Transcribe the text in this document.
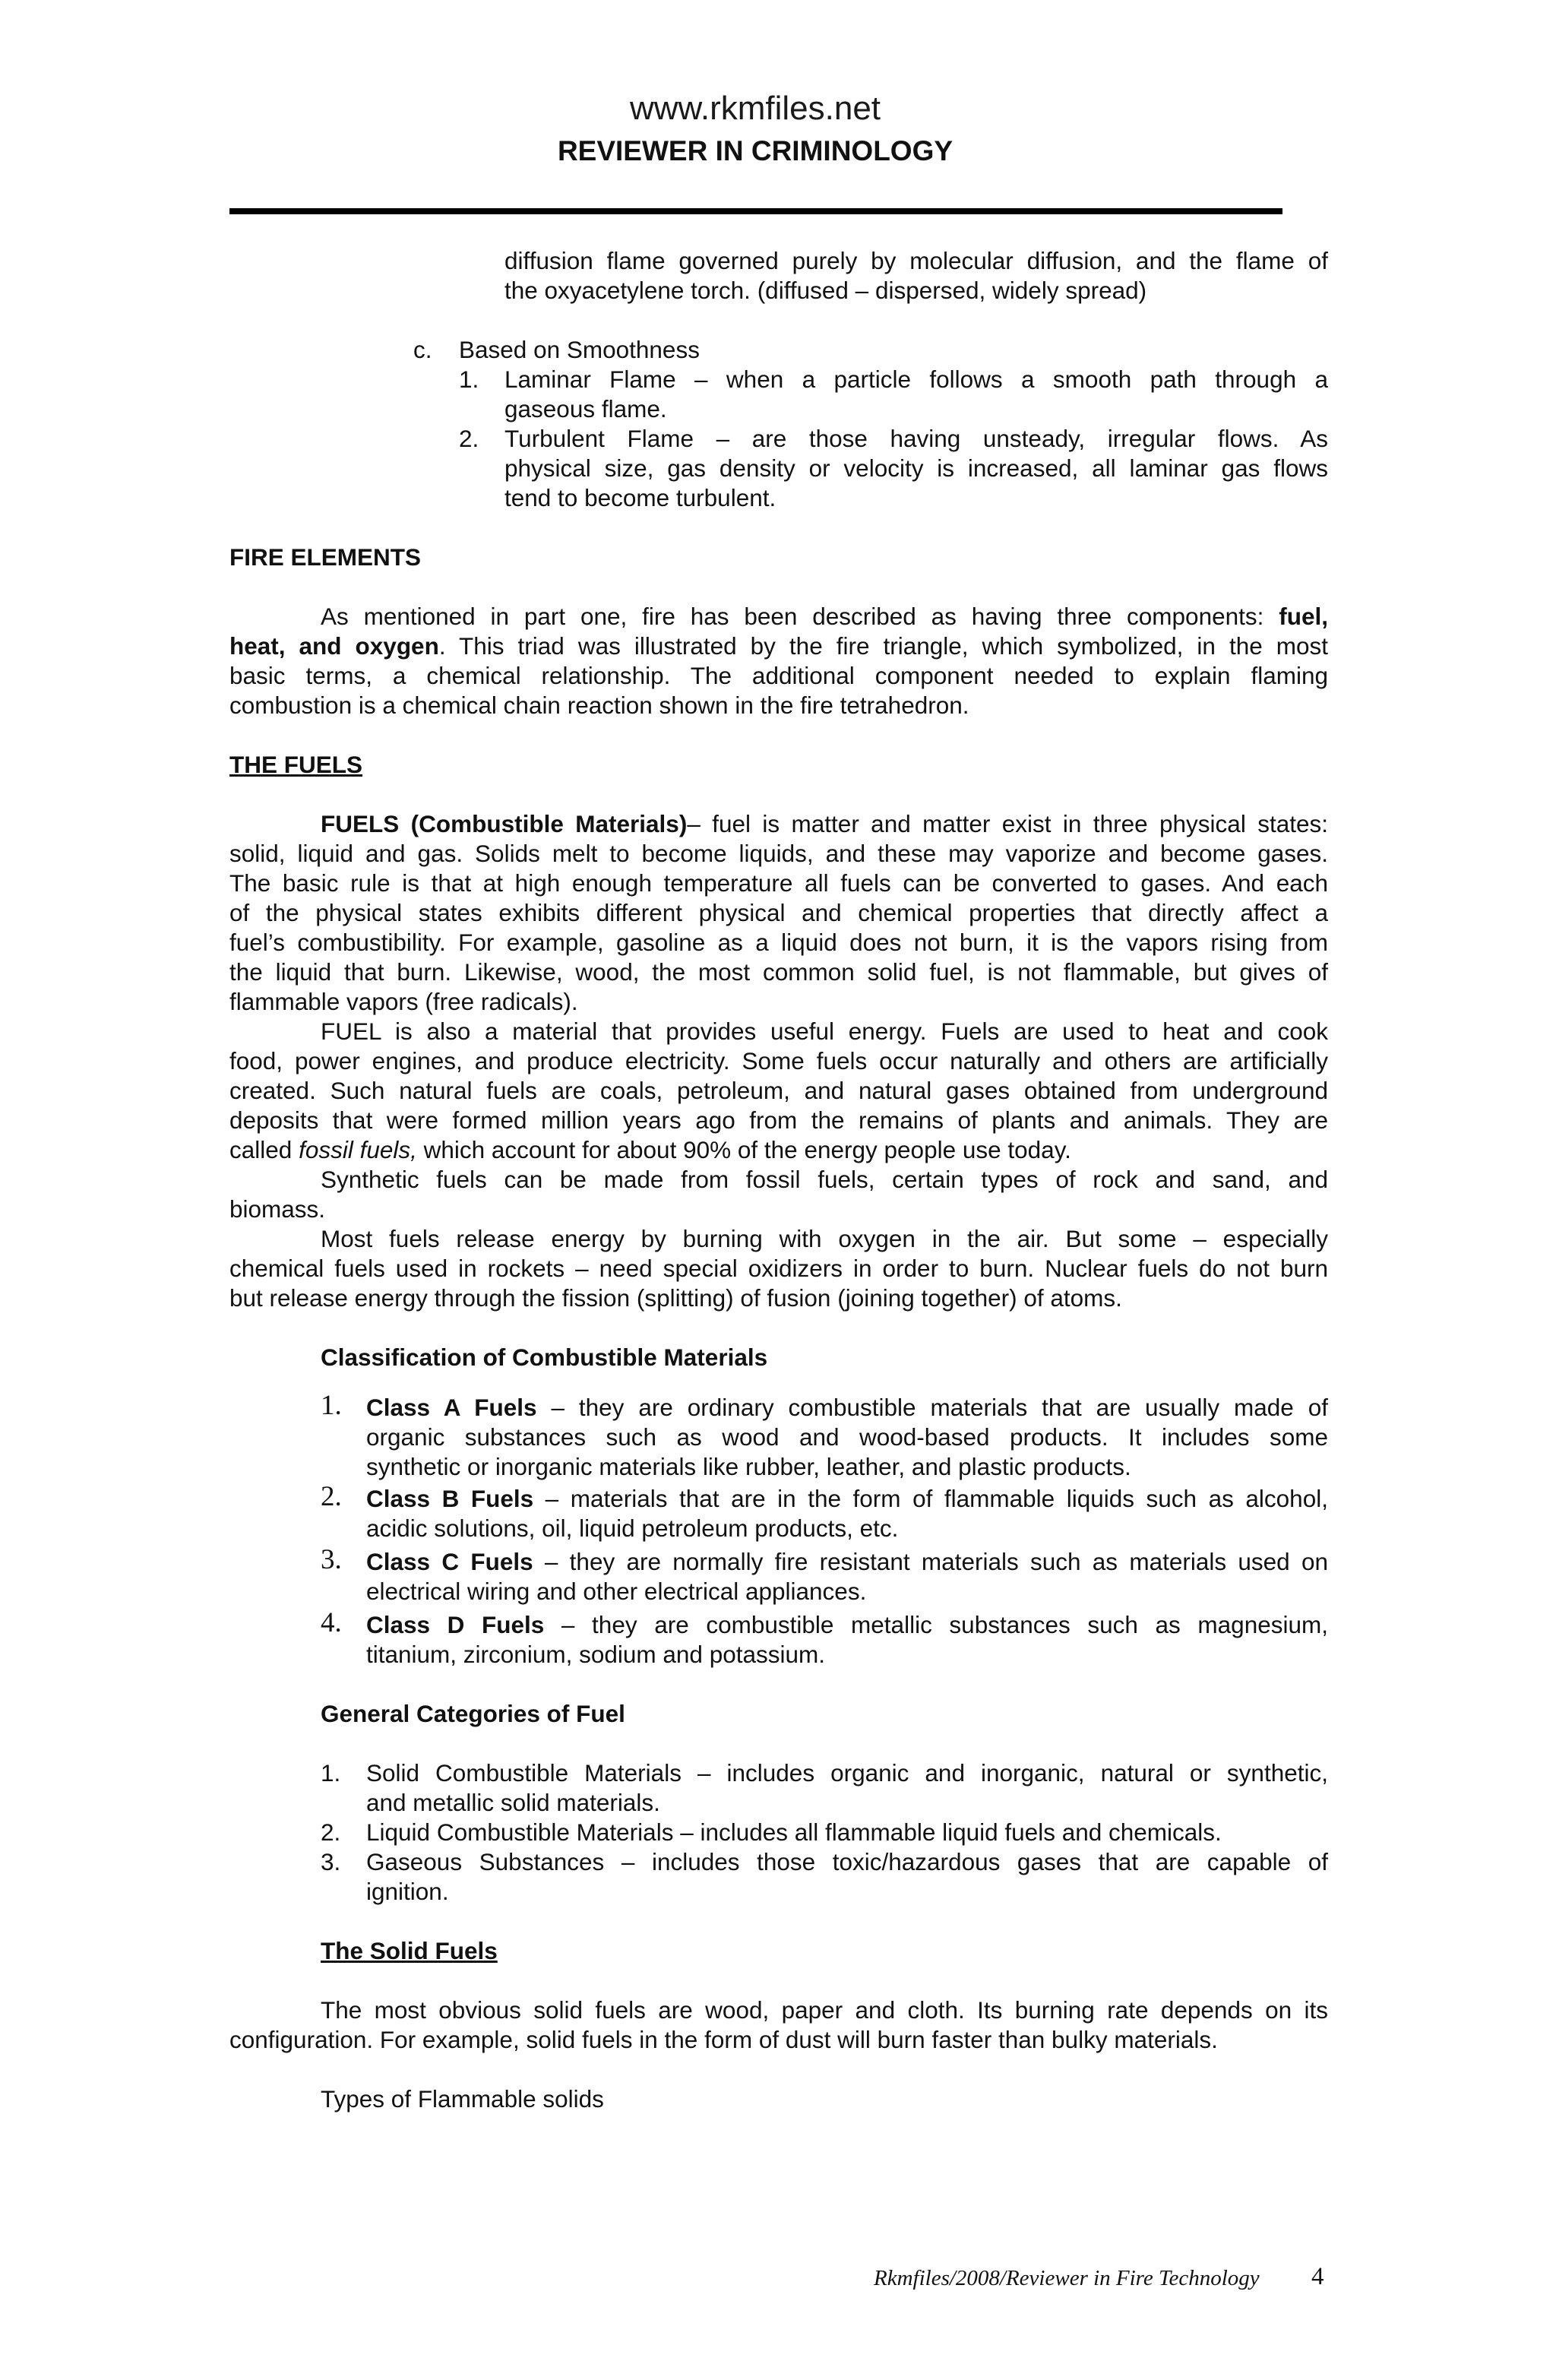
www.rkmfiles.net
REVIEWER IN CRIMINOLOGY
diffusion flame governed purely by molecular diffusion, and the flame of
the oxyacetylene torch. (diffused – dispersed, widely spread)
c. Based on Smoothness
1. Laminar Flame – when a particle follows a smooth path through a
gaseous flame.
2. Turbulent Flame – are those having unsteady, irregular flows. As
physical size, gas density or velocity is increased, all laminar gas flows
tend to become turbulent.
FIRE ELEMENTS
As mentioned in part one, fire has been described as having three components: fuel,
heat, and oxygen. This triad was illustrated by the fire triangle, which symbolized, in the most
basic terms, a chemical relationship. The additional component needed to explain flaming
combustion is a chemical chain reaction shown in the fire tetrahedron.
THE FUELS
FUELS (Combustible Materials)– fuel is matter and matter exist in three physical states:
solid, liquid and gas. Solids melt to become liquids, and these may vaporize and become gases.
The basic rule is that at high enough temperature all fuels can be converted to gases. And each
of the physical states exhibits different physical and chemical properties that directly affect a
fuel’s combustibility. For example, gasoline as a liquid does not burn, it is the vapors rising from
the liquid that burn. Likewise, wood, the most common solid fuel, is not flammable, but gives of
flammable vapors (free radicals).
FUEL is also a material that provides useful energy. Fuels are used to heat and cook
food, power engines, and produce electricity. Some fuels occur naturally and others are artificially
created. Such natural fuels are coals, petroleum, and natural gases obtained from underground
deposits that were formed million years ago from the remains of plants and animals. They are
called fossil fuels, which account for about 90% of the energy people use today.
Synthetic fuels can be made from fossil fuels, certain types of rock and sand, and
biomass.
Most fuels release energy by burning with oxygen in the air. But some – especially
chemical fuels used in rockets – need special oxidizers in order to burn. Nuclear fuels do not burn
but release energy through the fission (splitting) of fusion (joining together) of atoms.
Classification of Combustible Materials
1. Class A Fuels – they are ordinary combustible materials that are usually made of
organic substances such as wood and wood-based products. It includes some
synthetic or inorganic materials like rubber, leather, and plastic products.
2. Class B Fuels – materials that are in the form of flammable liquids such as alcohol,
acidic solutions, oil, liquid petroleum products, etc.
3. Class C Fuels – they are normally fire resistant materials such as materials used on
electrical wiring and other electrical appliances.
4. Class D Fuels – they are combustible metallic substances such as magnesium,
titanium, zirconium, sodium and potassium.
General Categories of Fuel
1. Solid Combustible Materials – includes organic and inorganic, natural or synthetic,
and metallic solid materials.
2. Liquid Combustible Materials – includes all flammable liquid fuels and chemicals.
3. Gaseous Substances – includes those toxic/hazardous gases that are capable of
ignition.
The Solid Fuels
The most obvious solid fuels are wood, paper and cloth. Its burning rate depends on its
configuration. For example, solid fuels in the form of dust will burn faster than bulky materials.
Types of Flammable solids
Rkmfiles/2008/Reviewer in Fire Technology 4
